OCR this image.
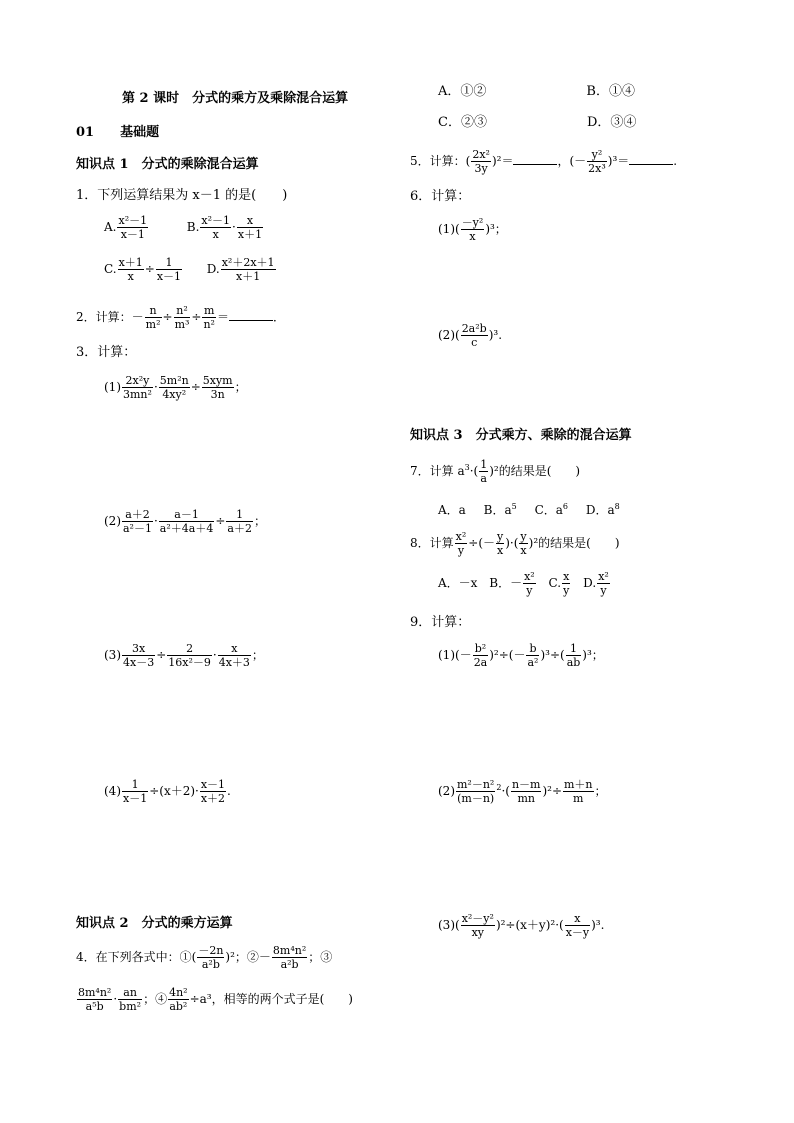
第 2 课时　分式的乘方及乘除混合运算
01　　基础题
知识点 1　分式的乘除混合运算
1．下列运算结果为 x－1 的是(　　)
A. $\frac{\text{x²－1}}{x-1}$	B. $\frac{\text{x²－1}}{x} \cdot \frac{x}{x+1}$
C. $\frac{x+1}{x} \div \frac{1}{x-1} D$. $\frac{\text{x²＋2x＋1}}{x+1}$
2．计算：－ $\frac{n}{\text{m²}} \div \frac{\text{n²}}{\text{m³}} \div \frac{m}{\text{n²}}$ ＝	．
3．计算：
$(1) \frac{\text{2x²y}}{\text{3mn²}} \cdot \frac{\text{5m²n}}{\text{4xy²}} \div 5xym$
3n
；
$(2) \frac{a+2}{\text{a²－1}} \cdot \frac{a-1}{\text{a²＋4a＋4}} \div \frac{1}{a+2}$ ；
$(3) \frac{3x}{4x-3} \div \frac{2}{\text{16x²－9}} \cdot \frac{x}{4x+3}$ ；
$(4) \frac{1}{x-1} \div(x+2)\cdot \frac{x-1}{x+2}$ .
知识点 2　分式的乘方运算
4．在下列各式中：①( $\frac{-2n}{\text{a²b}} )^2$；②－ $\frac{\text{8m⁴n²}}{\text{a²b}}$ ；③
$\frac{\text{8m⁴n²}}{\text{a⁵b}} \cdot \frac{an}{\text{bm²}}$ ；④ $\frac{\text{4n²}}{\text{ab²}} \div a^3$，相等的两个式子是(　　)
A．①②	B．①④
C．②③	D．③④
5．计算：( $\frac{\text{2x²}}{3y} )^2=$	，(－ $\frac{\text{y²}}{\text{2x³}} )^3=$	.
6．计算：
$(1)( \frac{\text{－y²}}{x} )^3$；
$(2)( \frac{\text{2a²b}}{c} )^3$.
知识点 3　分式乘方、乘除的混合运算
7．计算 $a^3\cdot( \frac{1}{a} )^2$的结果是(　　)
A．a B．$a^5$ C．$a^6$ D．$a^8$
8．计算 $\frac{\text{x²}}{y}$ ÷(－ $\frac{y}{x}$ )·( $\frac{y}{x} )^2$的结果是(　　)
A．－x B．－ $\frac{\text{x²}}{y} C$. $\frac{x}{y} D$. $\frac{\text{x²}}{y}$
9．计算：
$(1)(- \frac{\text{b²}}{2a} )^2\div(- \frac{b}{\text{a²}} )^3\div( \frac{1}{ab} )^3$；
$(2) \frac{\text{m²－n²}}{(m-n)} ^2\cdot( \frac{n-m}{mn} )^2\div \frac{m+n}{m}$ ；
$(3)( \frac{\text{x²－y²}}{xy} )^2\div(x+y)^2\cdot( \frac{x}{x-y} )^3$.
